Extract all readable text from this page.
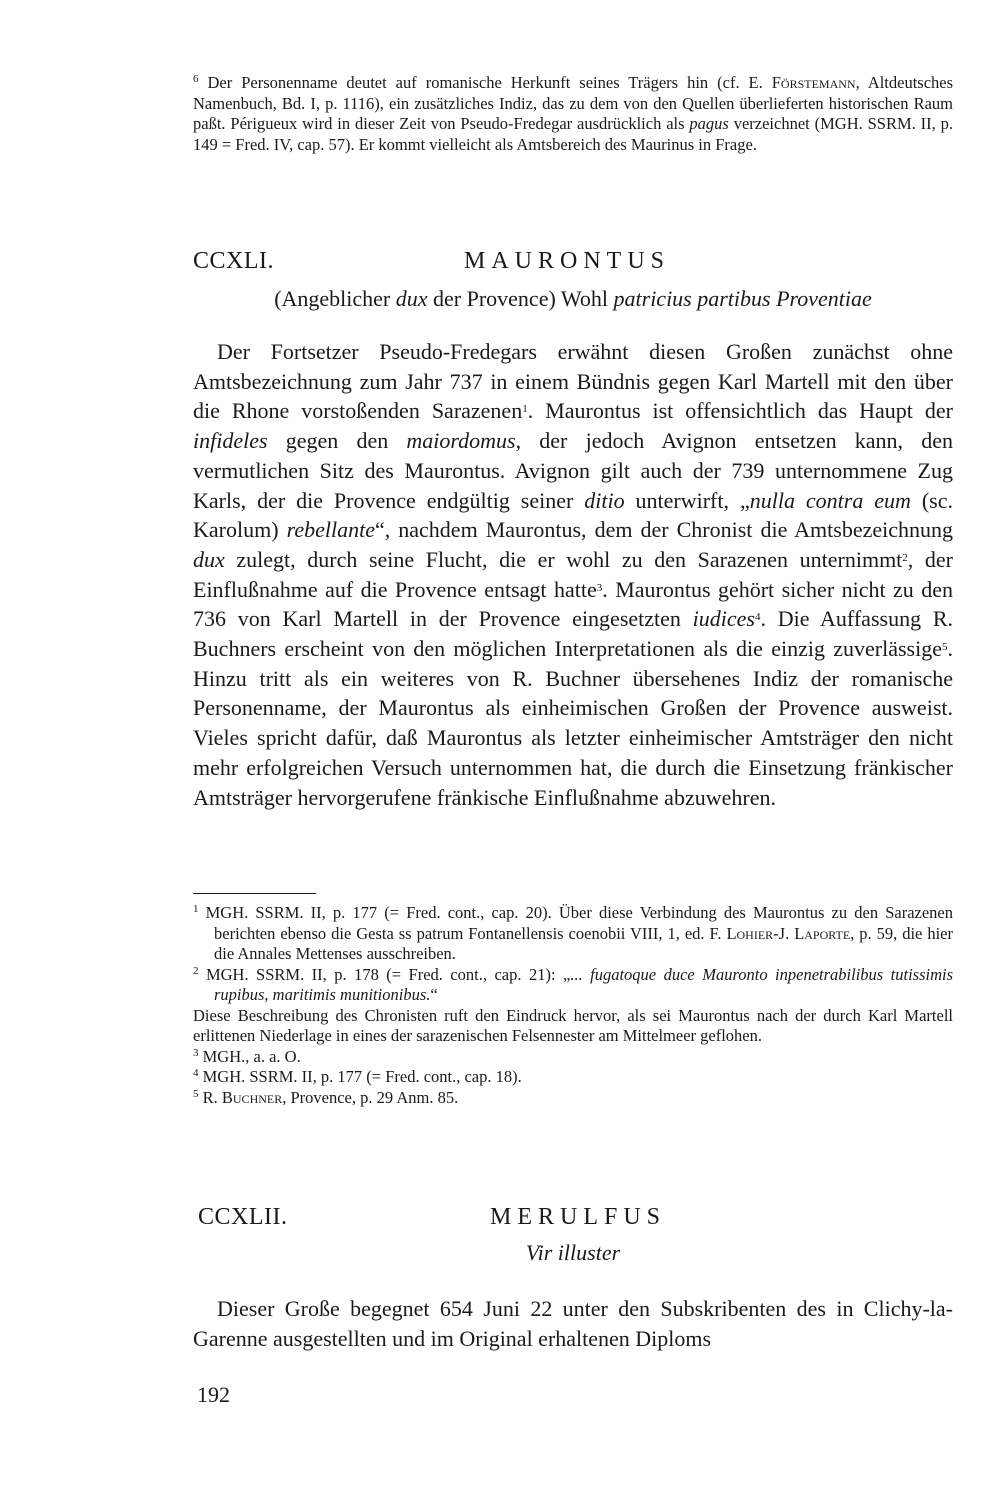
$^6$ Der Personenname deutet auf romanische Herkunft seines Trägers hin (cf. E. Förstemann, Altdeutsches Namenbuch, Bd. I, p. 1116), ein zusätzliches Indiz, das zu dem von den Quellen überlieferten historischen Raum paßt. Périgueux wird in dieser Zeit von Pseudo-Fredegar ausdrücklich als pagus verzeichnet (MGH. SSRM. II, p. 149 = Fred. IV, cap. 57). Er kommt vielleicht als Amtsbereich des Maurinus in Frage.

CCXLI.	MAURONTUS
(Angeblicher dux der Provence) Wohl patricius partibus Proventiae

Der Fortsetzer Pseudo-Fredegars erwähnt diesen Großen zunächst ohne Amtsbezeichnung zum Jahr 737 in einem Bündnis gegen Karl Martell mit den über die Rhone vorstoßenden Sarazenen$^1$. Maurontus ist offensichtlich das Haupt der infideles gegen den maiordomus, der jedoch Avignon entsetzen kann, den vermutlichen Sitz des Maurontus. Avignon gilt auch der 739 unternommene Zug Karls, der die Provence endgültig seiner ditio unterwirft, „nulla contra eum (sc. Karolum) rebellante“, nachdem Maurontus, dem der Chronist die Amtsbezeichnung dux zulegt, durch seine Flucht, die er wohl zu den Sarazenen unternimmt$^2$, der Einflußnahme auf die Provence entsagt hatte$^3$. Maurontus gehört sicher nicht zu den 736 von Karl Martell in der Provence eingesetzten iudices$^4$. Die Auffassung R. Buchners erscheint von den möglichen Interpretationen als die einzig zuverlässige$^5$. Hinzu tritt als ein weiteres von R. Buchner übersehenes Indiz der romanische Personenname, der Maurontus als einheimischen Großen der Provence ausweist. Vieles spricht dafür, daß Maurontus als letzter einheimischer Amtsträger den nicht mehr erfolgreichen Versuch unternommen hat, die durch die Einsetzung fränkischer Amtsträger hervorgerufene fränkische Einflußnahme abzuwehren.

$^1$ MGH. SSRM. II, p. 177 (= Fred. cont., cap. 20). Über diese Verbindung des Maurontus zu den Sarazenen berichten ebenso die Gesta ss patrum Fontanellensis coenobii VIII, 1, ed. F. Lohier-J. Laporte, p. 59, die hier die Annales Mettenses ausschreiben.

$^2$ MGH. SSRM. II, p. 178 (= Fred. cont., cap. 21): „... fugatoque duce Mauronto inpenetrabilibus tutissimis rupibus, maritimis munitionibus.“

Diese Beschreibung des Chronisten ruft den Eindruck hervor, als sei Maurontus nach der durch Karl Martell erlittenen Niederlage in eines der sarazenischen Felsennester am Mittelmeer geflohen.

$^3$ MGH., a. a. O.

$^4$ MGH. SSRM. II, p. 177 (= Fred. cont., cap. 18).

$^5$ R. Buchner, Provence, p. 29 Anm. 85.

CCXLII.	MERULFUS
Vir illuster

Dieser Große begegnet 654 Juni 22 unter den Subskribenten des in Clichy-la-Garenne ausgestellten und im Original erhaltenen Diploms

192
